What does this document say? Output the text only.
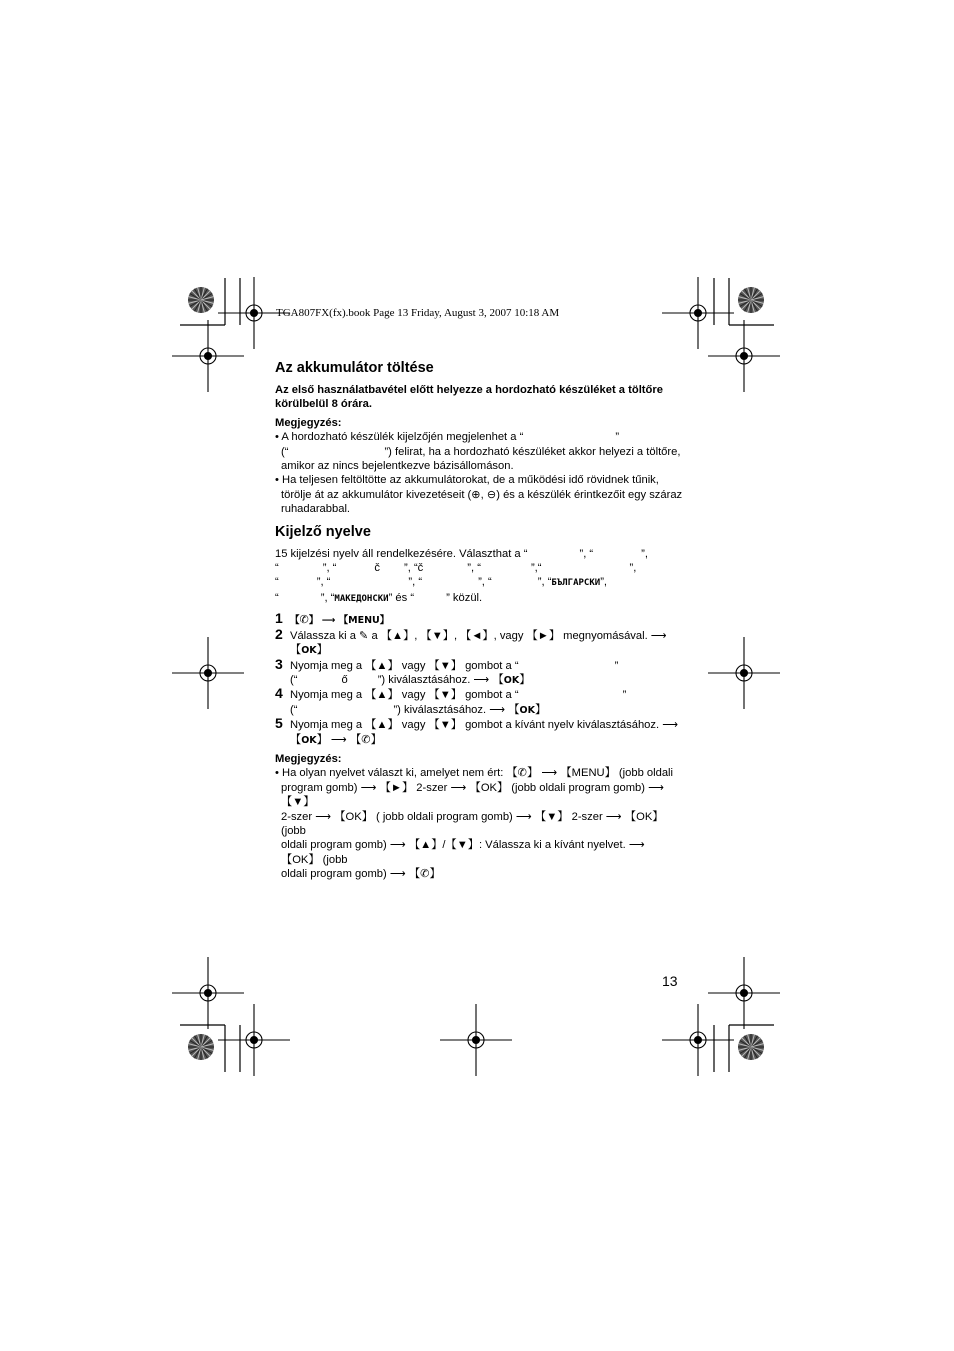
TGA807FX(fx).book Page 13 Friday, August 3, 2007 10:18 AM
Az akkumulátor töltése

Az első használatbavétel előtt helyezze a hordozható készüléket a töltőre körülbelül 8 órára.

Megjegyzés:

• A hordozható készülék kijelzőjén megjelenhet a “	”
(“	”) felirat, ha a hordozható készüléket akkor helyezi a töltőre, amikor az nincs bejelentkezve bázisállomáson.

• Ha teljesen feltöltötte az akkumulátorokat, de a működési idő rövidnek tűnik, törölje át az akkumulátor kivezetéseit (⊕, ⊖) és a készülék érintkezőit egy száraz ruhadarabbal.

Kijelző nyelve
15 kijelzési nyelv áll rendelkezésére. Választhat a “	”, “	”,
“	”, “	č ”, “č	”, “	”,“	”,
“	”, “	”, “	”, “	”, “БЪЛГАРСКИ”,
“	”, “МАКЕДОНСКИ” és “	” közül.
1 【✆】 ⟶ 【MENU】
2 Válassza ki a ✎ a 【▲】, 【▼】, 【◄】, vagy 【►】 megnyomásával. ⟶ 【OK】
3 Nyomja meg a 【▲】 vagy 【▼】 gombot a “	”
(“	ő	”) kiválasztásához. ⟶ 【OK】
4 Nyomja meg a 【▲】 vagy 【▼】 gombot a “	”
(“	”) kiválasztásához. ⟶ 【OK】
5 Nyomja meg a 【▲】 vagy 【▼】 gombot a kívánt nyelv kiválasztásához. ⟶
【OK】 ⟶ 【✆】

Megjegyzés:

• Ha olyan nyelvet választ ki, amelyet nem ért: 【✆】 ⟶ 【MENU】 (jobb oldali
program gomb) ⟶ 【►】 2-szer ⟶ 【OK】 (jobb oldali program gomb) ⟶ 【▼】
2-szer ⟶ 【OK】 ( jobb oldali program gomb) ⟶ 【▼】 2-szer ⟶ 【OK】 (jobb
oldali program gomb) ⟶ 【▲】/【▼】: Válassza ki a kívánt nyelvet. ⟶ 【OK】 (jobb
oldali program gomb) ⟶ 【✆】
13
